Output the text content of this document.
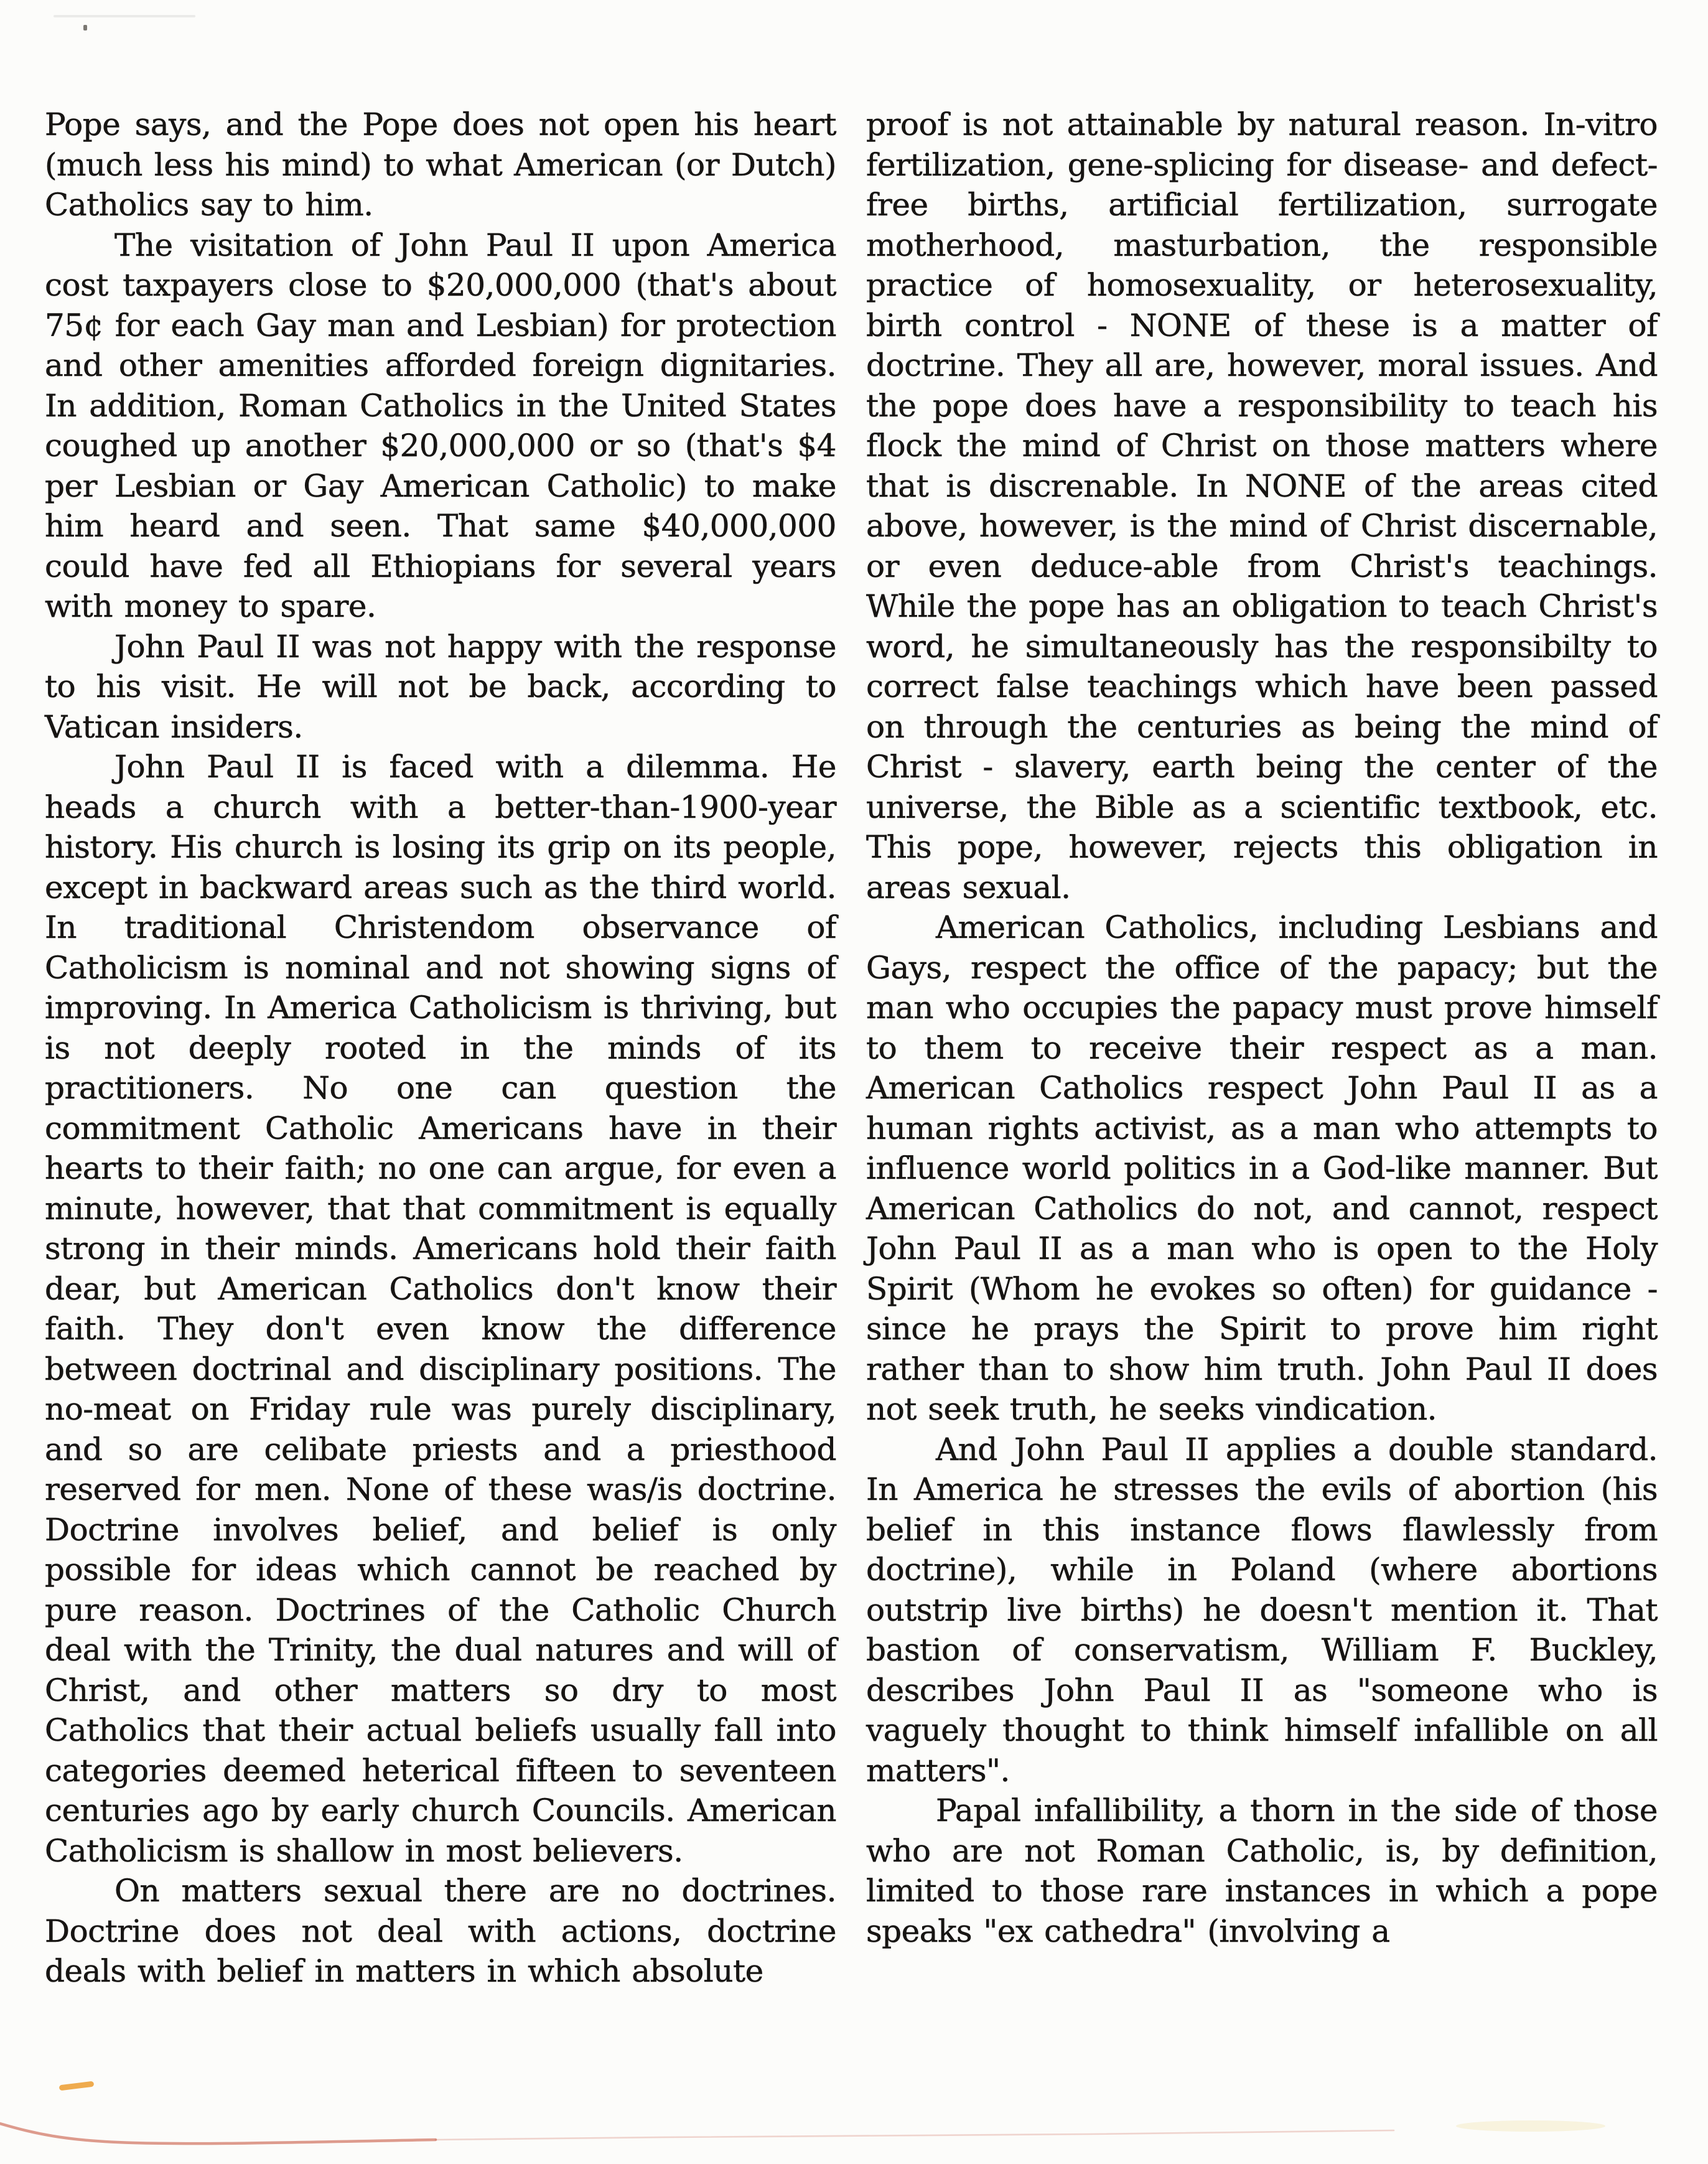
Pope says, and the Pope does not open his heart (much less his mind) to what American (or Dutch) Catholics say to him.

The visitation of John Paul II upon America cost taxpayers close to $20,000,000 (that's about 75¢ for each Gay man and Lesbian) for protection and other amenities afforded foreign dignitaries. In addition, Roman Catholics in the United States coughed up another $20,000,000 or so (that's $4 per Lesbian or Gay American Catholic) to make him heard and seen. That same $40,000,000 could have fed all Ethiopians for several years with money to spare.

John Paul II was not happy with the response to his visit. He will not be back, according to Vatican insiders.

John Paul II is faced with a dilemma. He heads a church with a better-than-1900-year history. His church is losing its grip on its people, except in backward areas such as the third world. In traditional Christendom observance of Catholicism is nominal and not showing signs of improving. In America Catholicism is thriving, but is not deeply rooted in the minds of its practitioners. No one can question the commitment Catholic Americans have in their hearts to their faith; no one can argue, for even a minute, however, that that commitment is equally strong in their minds. Americans hold their faith dear, but American Catholics don't know their faith. They don't even know the difference between doctrinal and disciplinary positions. The no-meat on Friday rule was purely disciplinary, and so are celibate priests and a priesthood reserved for men. None of these was/is doctrine. Doctrine involves belief, and belief is only possible for ideas which cannot be reached by pure reason. Doctrines of the Catholic Church deal with the Trinity, the dual natures and will of Christ, and other matters so dry to most Catholics that their actual beliefs usually fall into categories deemed heterical fifteen to seventeen centuries ago by early church Councils. American Catholicism is shallow in most believers.

On matters sexual there are no doctrines. Doctrine does not deal with actions, doctrine deals with belief in matters in which absolute

proof is not attainable by natural reason. In-vitro fertilization, gene-splicing for disease- and defect-free births, artificial fertilization, surrogate motherhood, masturbation, the responsible practice of homosexuality, or heterosexuality, birth control - NONE of these is a matter of doctrine. They all are, however, moral issues. And the pope does have a responsibility to teach his flock the mind of Christ on those matters where that is discrenable. In NONE of the areas cited above, however, is the mind of Christ discernable, or even deduce-able from Christ's teachings. While the pope has an obligation to teach Christ's word, he simultaneously has the responsibilty to correct false teachings which have been passed on through the centuries as being the mind of Christ - slavery, earth being the center of the universe, the Bible as a scientific textbook, etc. This pope, however, rejects this obligation in areas sexual.

American Catholics, including Lesbians and Gays, respect the office of the papacy; but the man who occupies the papacy must prove himself to them to receive their respect as a man. American Catholics respect John Paul II as a human rights activist, as a man who attempts to influence world politics in a God-like manner. But American Catholics do not, and cannot, respect John Paul II as a man who is open to the Holy Spirit (Whom he evokes so often) for guidance - since he prays the Spirit to prove him right rather than to show him truth. John Paul II does not seek truth, he seeks vindication.

And John Paul II applies a double standard. In America he stresses the evils of abortion (his belief in this instance flows flawlessly from doctrine), while in Poland (where abortions outstrip live births) he doesn't mention it. That bastion of conservatism, William F. Buckley, describes John Paul II as "someone who is vaguely thought to think himself infallible on all matters".

Papal infallibility, a thorn in the side of those who are not Roman Catholic, is, by definition, limited to those rare instances in which a pope speaks "ex cathedra" (involving a
